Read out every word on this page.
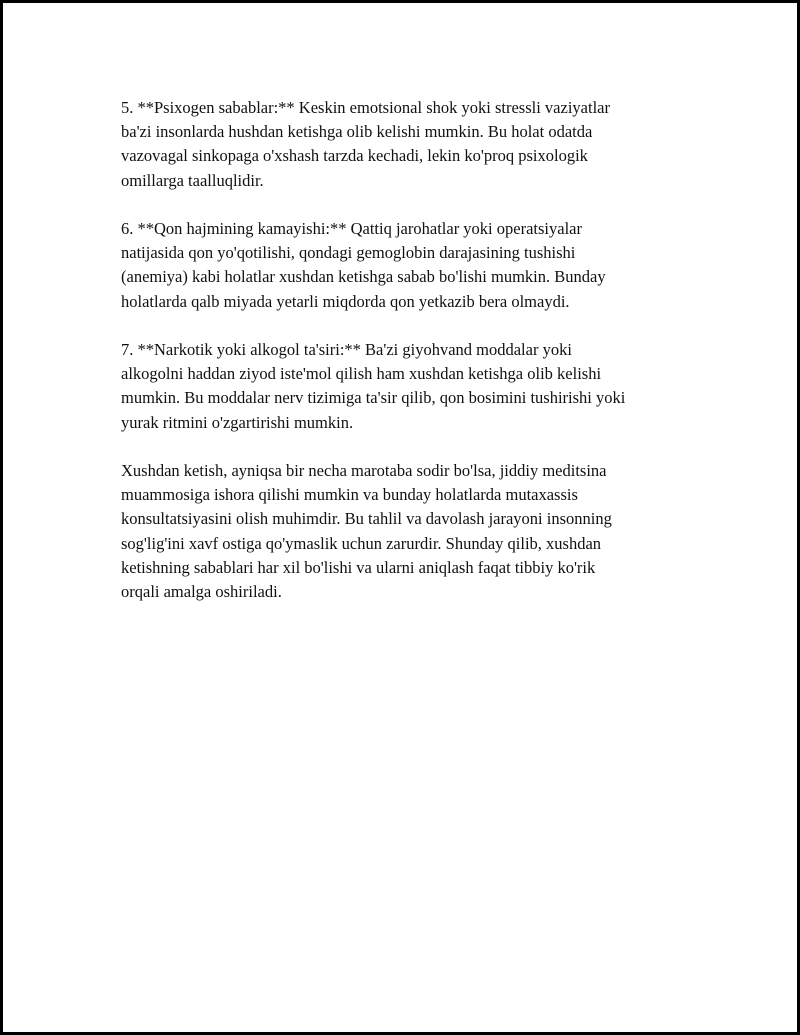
5. **Psixogen sabablar:** Keskin emotsional shok yoki stressli vaziyatlar
ba'zi insonlarda hushdan ketishga olib kelishi mumkin. Bu holat odatda
vazovagal sinkopaga o'xshash tarzda kechadi, lekin ko'proq psixologik
omillarga taalluqlidir.

6. **Qon hajmining kamayishi:** Qattiq jarohatlar yoki operatsiyalar
natijasida qon yo'qotilishi, qondagi gemoglobin darajasining tushishi
(anemiya) kabi holatlar xushdan ketishga sabab bo'lishi mumkin. Bunday
holatlarda qalb miyada yetarli miqdorda qon yetkazib bera olmaydi.

7. **Narkotik yoki alkogol ta'siri:** Ba'zi giyohvand moddalar yoki
alkogolni haddan ziyod iste'mol qilish ham xushdan ketishga olib kelishi
mumkin. Bu moddalar nerv tizimiga ta'sir qilib, qon bosimini tushirishi yoki
yurak ritmini o'zgartirishi mumkin.

Xushdan ketish, ayniqsa bir necha marotaba sodir bo'lsa, jiddiy meditsina
muammosiga ishora qilishi mumkin va bunday holatlarda mutaxassis
konsultatsiyasini olish muhimdir. Bu tahlil va davolash jarayoni insonning
sog'lig'ini xavf ostiga qo'ymaslik uchun zarurdir. Shunday qilib, xushdan
ketishning sabablari har xil bo'lishi va ularni aniqlash faqat tibbiy ko'rik
orqali amalga oshiriladi.
